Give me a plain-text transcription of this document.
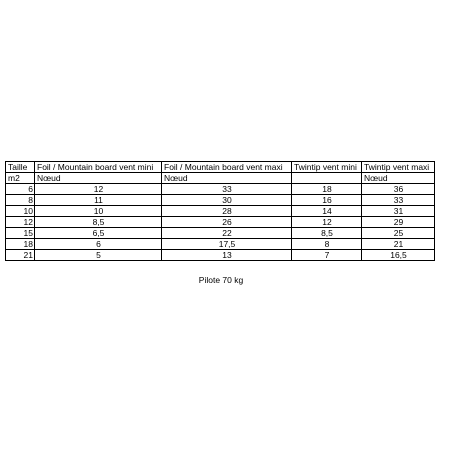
Taille	Foil / Mountain board vent mini	Foil / Mountain board vent maxi	Twintip vent mini	Twintip vent maxi
m2	Nœud	Nœud		Nœud
6	12	33	18	36
8	11	30	16	33
10	10	28	14	31
12	8,5	26	12	29
15	6,5	22	8,5	25
18	6	17,5	8	21
21	5	13	7	16,5
Pilote 70 kg
